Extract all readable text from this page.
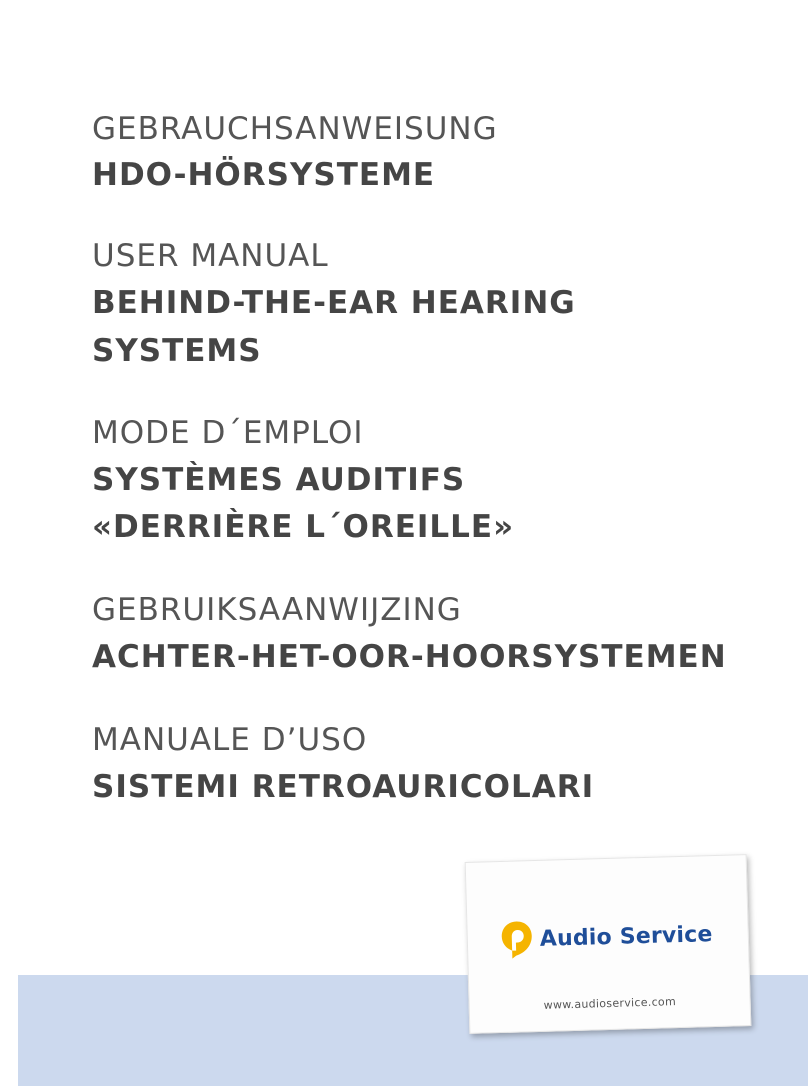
GEBRAUCHSANWEISUNG
HDO-HÖRSYSTEME
USER MANUAL
BEHIND-THE-EAR HEARING
SYSTEMS
MODE D´EMPLOI
SYSTÈMES AUDITIFS
«DERRIÈRE L´OREILLE»
GEBRUIKSAANWIJZING
ACHTER-HET-OOR-HOORSYSTEMEN
MANUALE D’USO
SISTEMI RETROAURICOLARI
Audio Service
www.audioservice.com
